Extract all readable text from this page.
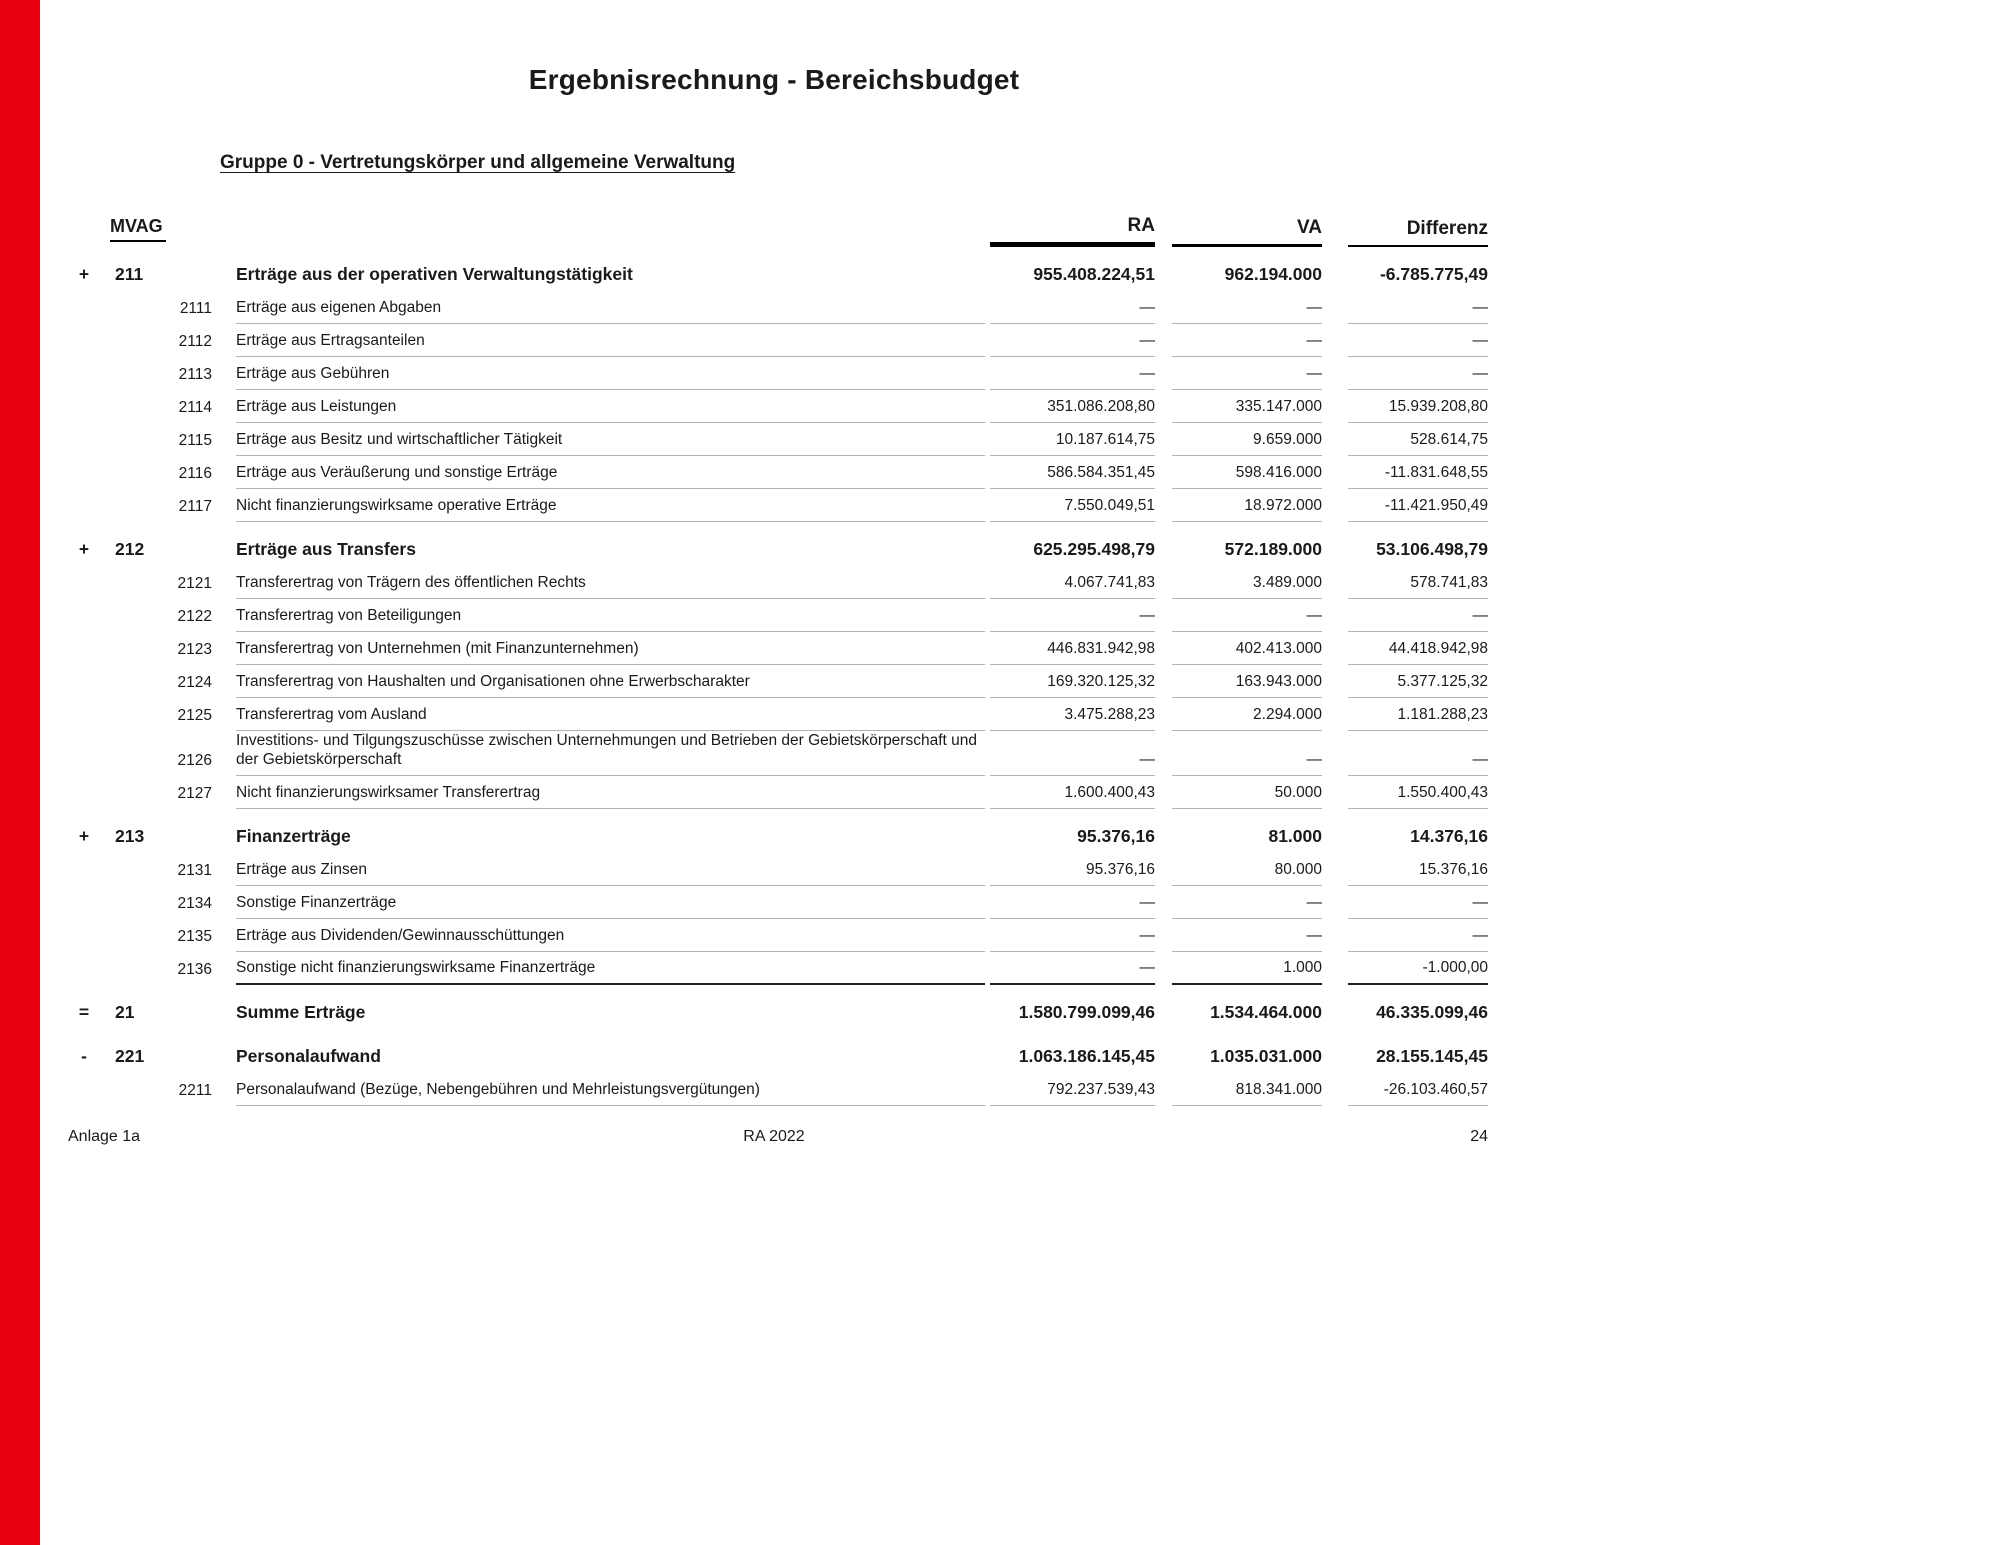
Ergebnisrechnung - Bereichsbudget
Gruppe 0 - Vertretungskörper und allgemeine Verwaltung
MVAG	RA	VA	Differenz
+	211	Erträge aus der operativen Verwaltungstätigkeit	955.408.224,51	962.194.000	-6.785.775,49
2111 Erträge aus eigenen Abgaben	—	—	—
2112 Erträge aus Ertragsanteilen	—	—	—
2113 Erträge aus Gebühren	—	—	—
2114 Erträge aus Leistungen	351.086.208,80	335.147.000	15.939.208,80
2115 Erträge aus Besitz und wirtschaftlicher Tätigkeit	10.187.614,75	9.659.000	528.614,75
2116 Erträge aus Veräußerung und sonstige Erträge	586.584.351,45	598.416.000	-11.831.648,55
2117 Nicht finanzierungswirksame operative Erträge	7.550.049,51	18.972.000	-11.421.950,49
+	212	Erträge aus Transfers	625.295.498,79	572.189.000	53.106.498,79
2121 Transferertrag von Trägern des öffentlichen Rechts	4.067.741,83	3.489.000	578.741,83
2122 Transferertrag von Beteiligungen	—	—	—
2123 Transferertrag von Unternehmen (mit Finanzunternehmen)	446.831.942,98	402.413.000	44.418.942,98
2124 Transferertrag von Haushalten und Organisationen ohne Erwerbscharakter	169.320.125,32	163.943.000	5.377.125,32
2125 Transferertrag vom Ausland	3.475.288,23	2.294.000	1.181.288,23
2126
Investitions- und Tilgungszuschüsse zwischen Unternehmungen und Betrieben der Gebietskörperschaft und der Gebietskörperschaft	—	—	—
2127 Nicht finanzierungswirksamer Transferertrag	1.600.400,43	50.000	1.550.400,43
+	213	Finanzerträge	95.376,16	81.000	14.376,16
2131 Erträge aus Zinsen	95.376,16	80.000	15.376,16
2134 Sonstige Finanzerträge	—	—	—
2135 Erträge aus Dividenden/Gewinnausschüttungen	—	—	—
2136 Sonstige nicht finanzierungswirksame Finanzerträge	—	1.000	-1.000,00
=	21	Summe Erträge	1.580.799.099,46	1.534.464.000	46.335.099,46
-	221	Personalaufwand	1.063.186.145,45	1.035.031.000	28.155.145,45
2211 Personalaufwand (Bezüge, Nebengebühren und Mehrleistungsvergütungen)	792.237.539,43	818.341.000	-26.103.460,57
Anlage 1a	RA 2022	24
